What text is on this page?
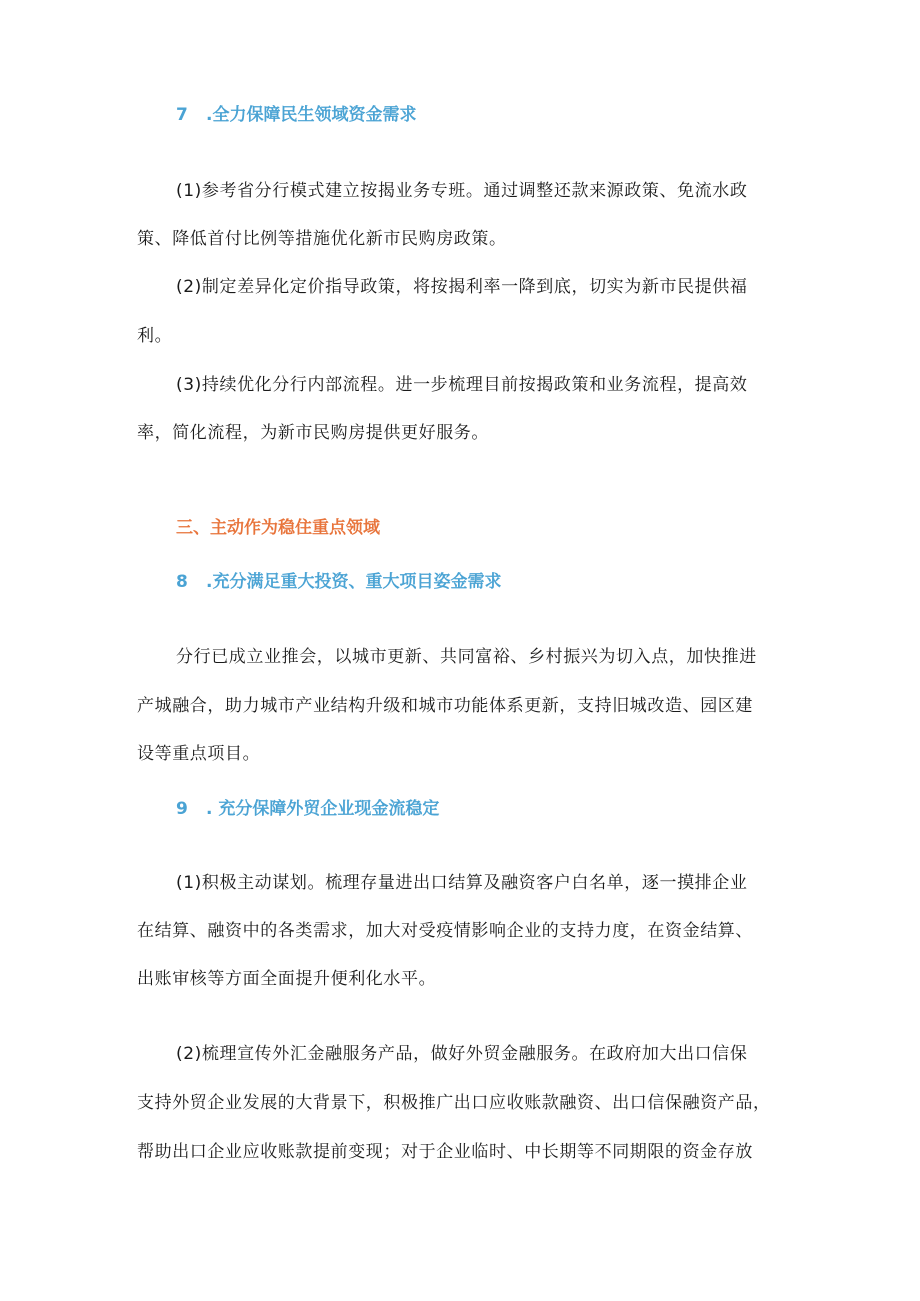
7 .全力保障民生领域资金需求
(1)参考省分行模式建立按揭业务专班。通过调整还款来源政策、免流水政
策、降低首付比例等措施优化新市民购房政策。
(2)制定差异化定价指导政策，将按揭利率一降到底，切实为新市民提供福
利。
(3)持续优化分行内部流程。进一步梳理目前按揭政策和业务流程，提高效
率，简化流程，为新市民购房提供更好服务。
三、主动作为稳住重点领域
8 .充分满足重大投资、重大项目姿金需求
分行已成立业推会，以城市更新、共同富裕、乡村振兴为切入点，加快推进
产城融合，助力城市产业结构升级和城市功能体系更新，支持旧城改造、园区建
设等重点项目。
9 . 充分保障外贸企业现金流稳定
(1)积极主动谋划。梳理存量进出口结算及融资客户白名单，逐一摸排企业
在结算、融资中的各类需求，加大对受疫情影响企业的支持力度，在资金结算、
出账审核等方面全面提升便利化水平。
(2)梳理宣传外汇金融服务产品，做好外贸金融服务。在政府加大出口信保
支持外贸企业发展的大背景下，积极推广出口应收账款融资、出口信保融资产品，
帮助出口企业应收账款提前变现；对于企业临时、中长期等不同期限的资金存放
